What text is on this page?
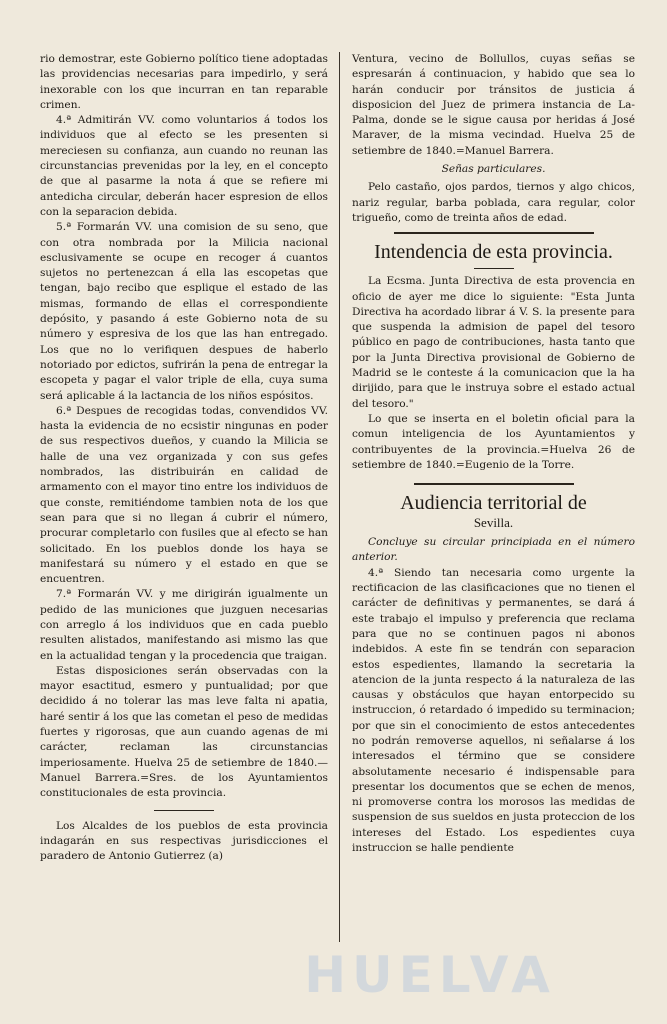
rio demostrar, este Gobierno político tiene adoptadas las providencias necesarias para impedirlo, y será inexorable con los que incurran en tan reparable crimen.

4.ª Admitirán VV. como voluntarios á todos los individuos que al efecto se les presenten si mereciesen su confianza, aun cuando no reunan las circunstancias prevenidas por la ley, en el concepto de que al pasarme la nota á que se refiere mi antedicha circular, deberán hacer espresion de ellos con la separacion debida.

5.ª Formarán VV. una comision de su seno, que con otra nombrada por la Milicia nacional esclusivamente se ocupe en recoger á cuantos sujetos no pertenezcan á ella las escopetas que tengan, bajo recibo que esplique el estado de las mismas, formando de ellas el correspondiente depósito, y pasando á este Gobierno nota de su número y espresiva de los que las han entregado. Los que no lo verifiquen despues de haberlo notoriado por edictos, sufrirán la pena de entregar la escopeta y pagar el valor triple de ella, cuya suma será aplicable á la lactancia de los niños espósitos.

6.ª Despues de recogidas todas, convendidos VV. hasta la evidencia de no ecsistir ningunas en poder de sus respectivos dueños, y cuando la Milicia se halle de una vez organizada y con sus gefes nombrados, las distribuirán en calidad de armamento con el mayor tino entre los individuos de que conste, remitiéndome tambien nota de los que sean para que si no llegan á cubrir el número, procurar completarlo con fusiles que al efecto se han solicitado. En los pueblos donde los haya se manifestará su número y el estado en que se encuentren.

7.ª Formarán VV. y me dirigirán igualmente un pedido de las municiones que juzguen necesarias con arreglo á los individuos que en cada pueblo resulten alistados, manifestando asi mismo las que en la actualidad tengan y la procedencia que traigan.

Estas disposiciones serán observadas con la mayor esactitud, esmero y puntualidad; por que decidido á no tolerar las mas leve falta ni apatia, haré sentir á los que las cometan el peso de medidas fuertes y rigorosas, que aun cuando agenas de mi carácter, reclaman las circunstancias imperiosamente. Huelva 25 de setiembre de 1840.—Manuel Barrera.=Sres. de los Ayuntamientos constitucionales de esta provincia.

Los Alcaldes de los pueblos de esta provincia indagarán en sus respectivas jurisdicciones el paradero de Antonio Gutierrez (a)

Ventura, vecino de Bollullos, cuyas señas se espresarán á continuacion, y habido que sea lo harán conducir por tránsitos de justicia á disposicion del Juez de primera instancia de La-Palma, donde se le sigue causa por heridas á José Maraver, de la misma vecindad. Huelva 25 de setiembre de 1840.=Manuel Barrera.

Señas particulares.

Pelo castaño, ojos pardos, tiernos y algo chicos, nariz regular, barba poblada, cara regular, color trigueño, como de treinta años de edad.

Intendencia de esta provincia.

La Ecsma. Junta Directiva de esta provencia en oficio de ayer me dice lo siguiente: "Esta Junta Directiva ha acordado librar á V. S. la presente para que suspenda la admision de papel del tesoro público en pago de contribuciones, hasta tanto que por la Junta Directiva provisional de Gobierno de Madrid se le conteste á la comunicacion que la ha dirijido, para que le instruya sobre el estado actual del tesoro."

Lo que se inserta en el boletin oficial para la comun inteligencia de los Ayuntamientos y contribuyentes de la provincia.=Huelva 26 de setiembre de 1840.=Eugenio de la Torre.

Audiencia territorial de

Sevilla.

Concluye su circular principiada en el número anterior.

4.ª Siendo tan necesaria como urgente la rectificacion de las clasificaciones que no tienen el carácter de definitivas y permanentes, se dará á este trabajo el impulso y preferencia que reclama para que no se continuen pagos ni abonos indebidos. A este fin se tendrán con separacion estos espedientes, llamando la secretaria la atencion de la junta respecto á la naturaleza de las causas y obstáculos que hayan entorpecido su instruccion, ó retardado ó impedido su terminacion; por que sin el conocimiento de estos antecedentes no podrán removerse aquellos, ni señalarse á los interesados el término que se considere absolutamente necesario é indispensable para presentar los documentos que se echen de menos, ni promoverse contra los morosos las medidas de suspension de sus sueldos en justa proteccion de los intereses del Estado. Los espedientes cuya instruccion se halle pendiente

HUELVA
